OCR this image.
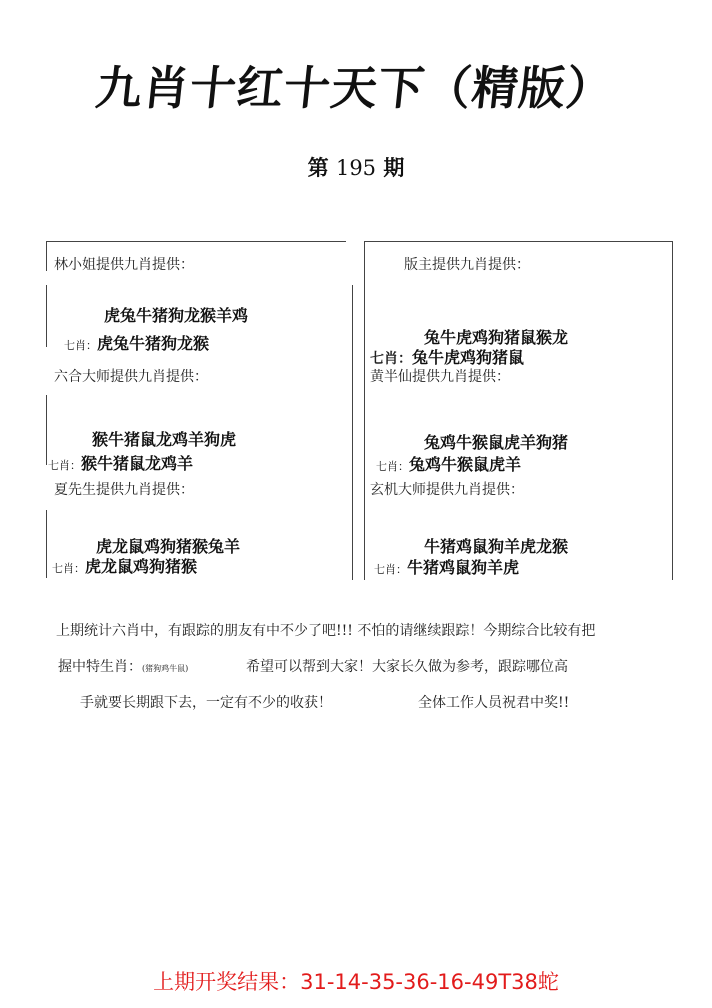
九肖十红十天下（精版）
第 195 期
林小姐提供九肖提供：
虎兔牛猪狗龙猴羊鸡
七肖：虎兔牛猪狗龙猴
版主提供九肖提供：
兔牛虎鸡狗猪鼠猴龙
七肖：兔牛虎鸡狗猪鼠
六合大师提供九肖提供：
猴牛猪鼠龙鸡羊狗虎
七肖：猴牛猪鼠龙鸡羊
黄半仙提供九肖提供：
兔鸡牛猴鼠虎羊狗猪
七肖：兔鸡牛猴鼠虎羊
夏先生提供九肖提供：
虎龙鼠鸡狗猪猴兔羊
七肖：虎龙鼠鸡狗猪猴
玄机大师提供九肖提供：
牛猪鸡鼠狗羊虎龙猴
七肖：牛猪鸡鼠狗羊虎
上期统计六肖中，有跟踪的朋友有中不少了吧!!! 不怕的请继续跟踪！今期综合比较有把
握中特生肖：(猪狗鸡牛鼠)	希望可以帮到大家！大家长久做为参考，跟踪哪位高
手就要长期跟下去，一定有不少的收获！	全体工作人员祝君中奖!!
上期开奖结果：31-14-35-36-16-49T38蛇
